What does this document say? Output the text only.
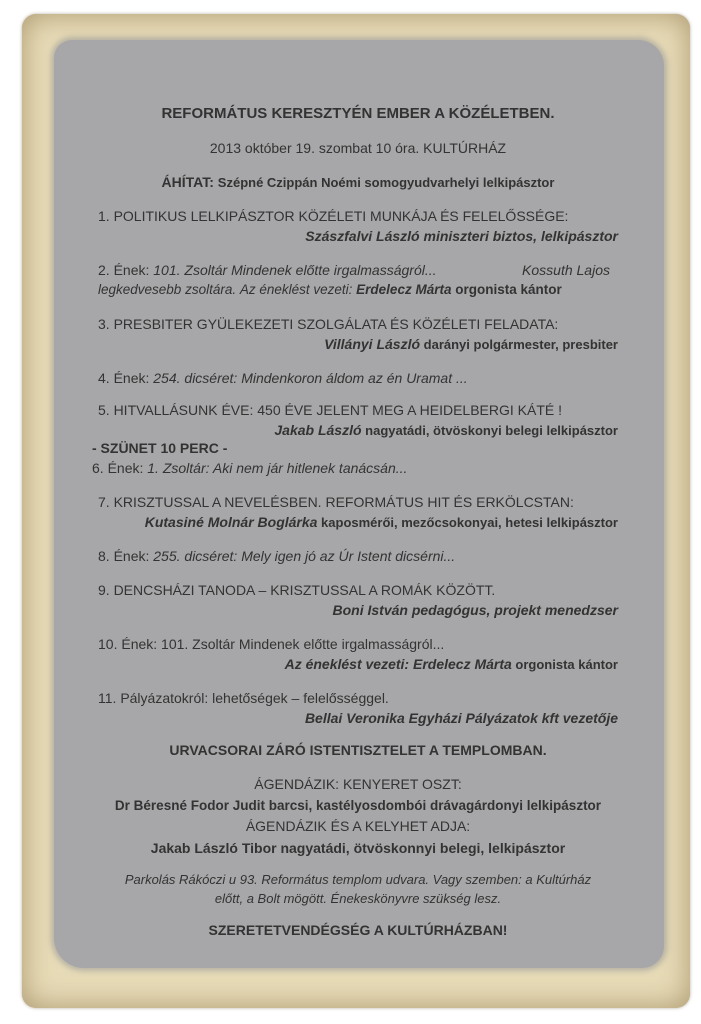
REFORMÁTUS KERESZTYÉN EMBER A KÖZÉLETBEN.
2013 október 19. szombat 10 óra. KULTÚRHÁZ
ÁHÍTAT: Szépné Czippán Noémi somogyudvarhelyi lelkipásztor
1. POLITIKUS LELKIPÁSZTOR KÖZÉLETI MUNKÁJA ÉS FELELŐSSÉGE:
Szászfalvi László miniszteri biztos, lelkipásztor
2. Ének: 101. Zsoltár Mindenek előtte irgalmasságról...	Kossuth Lajos
legkedvesebb zsoltára. Az éneklést vezeti: Erdelecz Márta orgonista kántor
3. PRESBITER GYÜLEKEZETI SZOLGÁLATA ÉS KÖZÉLETI FELADATA:
Villányi László darányi polgármester, presbiter
4. Ének: 254. dicséret: Mindenkoron áldom az én Uramat ...
5. HITVALLÁSUNK ÉVE: 450 ÉVE JELENT MEG A HEIDELBERGI KÁTÉ !
Jakab László nagyatádi, ötvöskonyi belegi lelkipásztor
- SZÜNET 10 PERC -
6. Ének: 1. Zsoltár: Aki nem jár hitlenek tanácsán...
7. KRISZTUSSAL A NEVELÉSBEN. REFORMÁTUS HIT ÉS ERKÖLCSTAN:
Kutasiné Molnár Boglárka kaposmérői, mezőcsokonyai, hetesi lelkipásztor
8. Ének: 255. dicséret: Mely igen jó az Úr Istent dicsérni...
9. DENCSHÁZI TANODA – KRISZTUSSAL A ROMÁK KÖZÖTT.
Boni István pedagógus, projekt menedzser
10. Ének: 101. Zsoltár Mindenek előtte irgalmasságról...
Az éneklést vezeti: Erdelecz Márta orgonista kántor
11. Pályázatokról: lehetőségek – felelősséggel.
Bellai Veronika Egyházi Pályázatok kft vezetője
URVACSORAI ZÁRÓ ISTENTISZTELET A TEMPLOMBAN.
ÁGENDÁZIK: KENYERET OSZT:
Dr Béresné Fodor Judit barcsi, kastélyosdombói drávagárdonyi lelkipásztor
ÁGENDÁZIK ÉS A KELYHET ADJA:
Jakab László Tibor nagyatádi, ötvöskonnyi belegi, lelkipásztor
Parkolás Rákóczi u 93. Református templom udvara. Vagy szemben: a Kultúrház
előtt, a Bolt mögött. Énekeskönyvre szükség lesz.
SZERETETVENDÉGSÉG A KULTÚRHÁZBAN!
